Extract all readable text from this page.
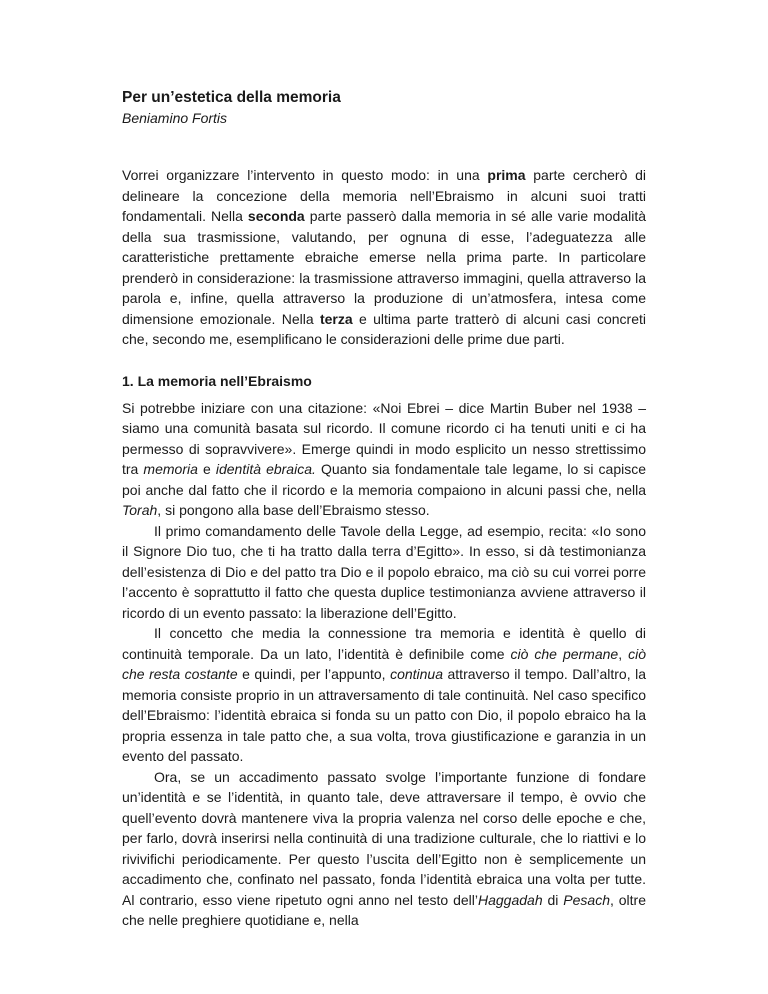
Per un’estetica della memoria
Beniamino Fortis

Vorrei organizzare l’intervento in questo modo: in una prima parte cercherò di delineare la concezione della memoria nell’Ebraismo in alcuni suoi tratti fondamentali. Nella seconda parte passerò dalla memoria in sé alle varie modalità della sua trasmissione, valutando, per ognuna di esse, l’adeguatezza alle caratteristiche prettamente ebraiche emerse nella prima parte. In particolare prenderò in considerazione: la trasmissione attraverso immagini, quella attraverso la parola e, infine, quella attraverso la produzione di un’atmosfera, intesa come dimensione emozionale. Nella terza e ultima parte tratterò di alcuni casi concreti che, secondo me, esemplificano le considerazioni delle prime due parti.

1. La memoria nell’Ebraismo

Si potrebbe iniziare con una citazione: «Noi Ebrei – dice Martin Buber nel 1938 – siamo una comunità basata sul ricordo. Il comune ricordo ci ha tenuti uniti e ci ha permesso di sopravvivere». Emerge quindi in modo esplicito un nesso strettissimo tra memoria e identità ebraica. Quanto sia fondamentale tale legame, lo si capisce poi anche dal fatto che il ricordo e la memoria compaiono in alcuni passi che, nella Torah, si pongono alla base dell’Ebraismo stesso.

Il primo comandamento delle Tavole della Legge, ad esempio, recita: «Io sono il Signore Dio tuo, che ti ha tratto dalla terra d’Egitto». In esso, si dà testimonianza dell’esistenza di Dio e del patto tra Dio e il popolo ebraico, ma ciò su cui vorrei porre l’accento è soprattutto il fatto che questa duplice testimonianza avviene attraverso il ricordo di un evento passato: la liberazione dell’Egitto.

Il concetto che media la connessione tra memoria e identità è quello di continuità temporale. Da un lato, l’identità è definibile come ciò che permane, ciò che resta costante e quindi, per l’appunto, continua attraverso il tempo. Dall’altro, la memoria consiste proprio in un attraversamento di tale continuità. Nel caso specifico dell’Ebraismo: l’identità ebraica si fonda su un patto con Dio, il popolo ebraico ha la propria essenza in tale patto che, a sua volta, trova giustificazione e garanzia in un evento del passato.

Ora, se un accadimento passato svolge l’importante funzione di fondare un’identità e se l’identità, in quanto tale, deve attraversare il tempo, è ovvio che quell’evento dovrà mantenere viva la propria valenza nel corso delle epoche e che, per farlo, dovrà inserirsi nella continuità di una tradizione culturale, che lo riattivi e lo rivivifichi periodicamente. Per questo l’uscita dell’Egitto non è semplicemente un accadimento che, confinato nel passato, fonda l’identità ebraica una volta per tutte. Al contrario, esso viene ripetuto ogni anno nel testo dell’Haggadah di Pesach, oltre che nelle preghiere quotidiane e, nella
